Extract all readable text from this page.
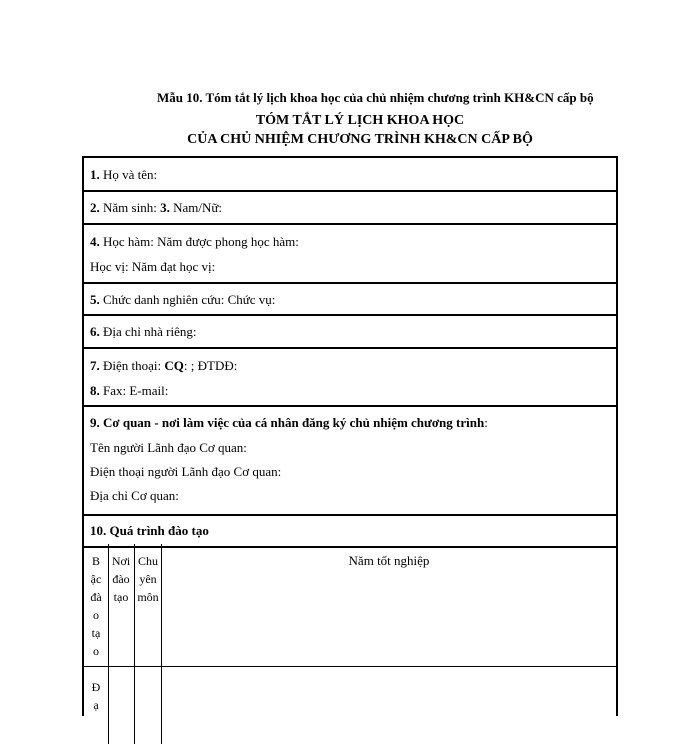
Mẫu 10. Tóm tắt lý lịch khoa học của chủ nhiệm chương trình KH&CN cấp bộ
TÓM TẮT LÝ LỊCH KHOA HỌC
CỦA CHỦ NHIỆM CHƯƠNG TRÌNH KH&CN CẤP BỘ
1. Họ và tên:
2. Năm sinh: 3. Nam/Nữ:
4. Học hàm: Năm được phong học hàm:
Học vị: Năm đạt học vị:
5. Chức danh nghiên cứu: Chức vụ:
6. Địa chỉ nhà riêng:
7. Điện thoại: CQ: ; ĐTDĐ:
8. Fax: E-mail:
9. Cơ quan - nơi làm việc của cá nhân đăng ký chủ nhiệm chương trình:
Tên người Lãnh đạo Cơ quan:
Điện thoại người Lãnh đạo Cơ quan:
Địa chỉ Cơ quan:
10. Quá trình đào tạo
B
ậc
đà
o
tạ
o
Nơi
đào
tạo
Chu
yên
môn
Năm tốt nghiệp
Đ
ạ
